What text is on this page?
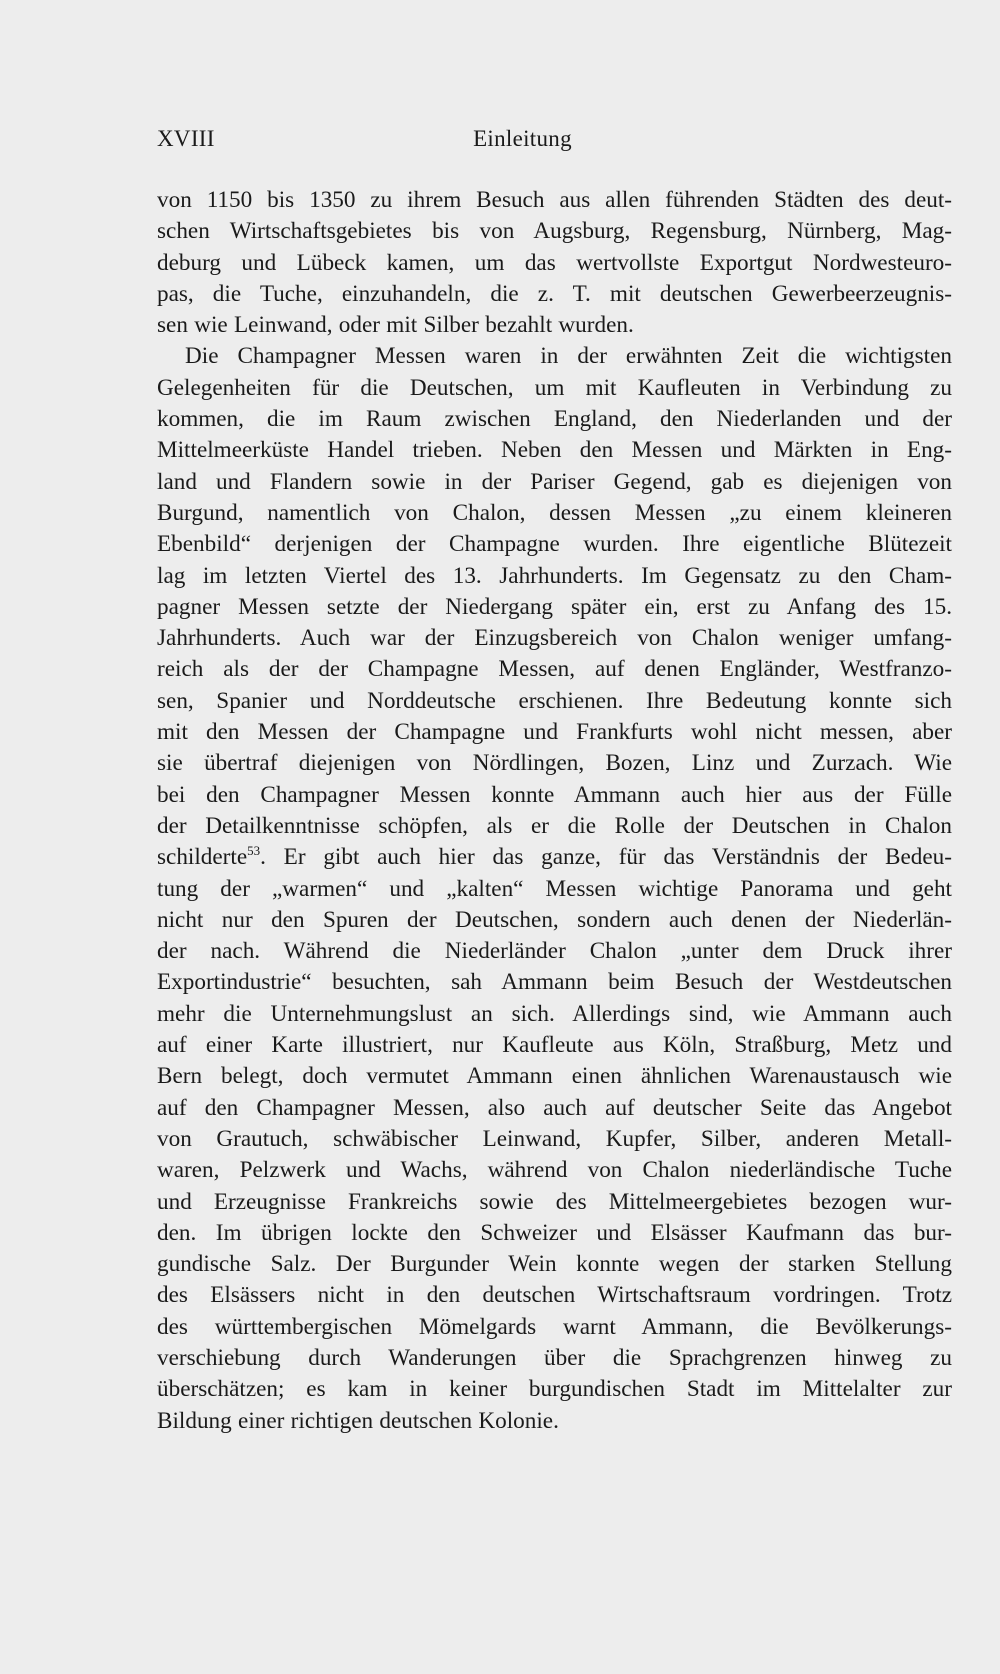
XVIII	Einleitung
von 1150 bis 1350 zu ihrem Besuch aus allen führenden Städten des deut-
schen Wirtschaftsgebietes bis von Augsburg, Regensburg, Nürnberg, Mag-
deburg und Lübeck kamen, um das wertvollste Exportgut Nordwesteuro-
pas, die Tuche, einzuhandeln, die z. T. mit deutschen Gewerbeerzeugnis-
sen wie Leinwand, oder mit Silber bezahlt wurden.
Die Champagner Messen waren in der erwähnten Zeit die wichtigsten
Gelegenheiten für die Deutschen, um mit Kaufleuten in Verbindung zu
kommen, die im Raum zwischen England, den Niederlanden und der
Mittelmeerküste Handel trieben. Neben den Messen und Märkten in Eng-
land und Flandern sowie in der Pariser Gegend, gab es diejenigen von
Burgund, namentlich von Chalon, dessen Messen „zu einem kleineren
Ebenbild“ derjenigen der Champagne wurden. Ihre eigentliche Blütezeit
lag im letzten Viertel des 13. Jahrhunderts. Im Gegensatz zu den Cham-
pagner Messen setzte der Niedergang später ein, erst zu Anfang des 15.
Jahrhunderts. Auch war der Einzugsbereich von Chalon weniger umfang-
reich als der der Champagne Messen, auf denen Engländer, Westfranzo-
sen, Spanier und Norddeutsche erschienen. Ihre Bedeutung konnte sich
mit den Messen der Champagne und Frankfurts wohl nicht messen, aber
sie übertraf diejenigen von Nördlingen, Bozen, Linz und Zurzach. Wie
bei den Champagner Messen konnte Ammann auch hier aus der Fülle
der Detailkenntnisse schöpfen, als er die Rolle der Deutschen in Chalon
schilderte$^{53}$. Er gibt auch hier das ganze, für das Verständnis der Bedeu-
tung der „warmen“ und „kalten“ Messen wichtige Panorama und geht
nicht nur den Spuren der Deutschen, sondern auch denen der Niederlän-
der nach. Während die Niederländer Chalon „unter dem Druck ihrer
Exportindustrie“ besuchten, sah Ammann beim Besuch der Westdeutschen
mehr die Unternehmungslust an sich. Allerdings sind, wie Ammann auch
auf einer Karte illustriert, nur Kaufleute aus Köln, Straßburg, Metz und
Bern belegt, doch vermutet Ammann einen ähnlichen Warenaustausch wie
auf den Champagner Messen, also auch auf deutscher Seite das Angebot
von Grautuch, schwäbischer Leinwand, Kupfer, Silber, anderen Metall-
waren, Pelzwerk und Wachs, während von Chalon niederländische Tuche
und Erzeugnisse Frankreichs sowie des Mittelmeergebietes bezogen wur-
den. Im übrigen lockte den Schweizer und Elsässer Kaufmann das bur-
gundische Salz. Der Burgunder Wein konnte wegen der starken Stellung
des Elsässers nicht in den deutschen Wirtschaftsraum vordringen. Trotz
des württembergischen Mömelgards warnt Ammann, die Bevölkerungs-
verschiebung durch Wanderungen über die Sprachgrenzen hinweg zu
überschätzen; es kam in keiner burgundischen Stadt im Mittelalter zur
Bildung einer richtigen deutschen Kolonie.
